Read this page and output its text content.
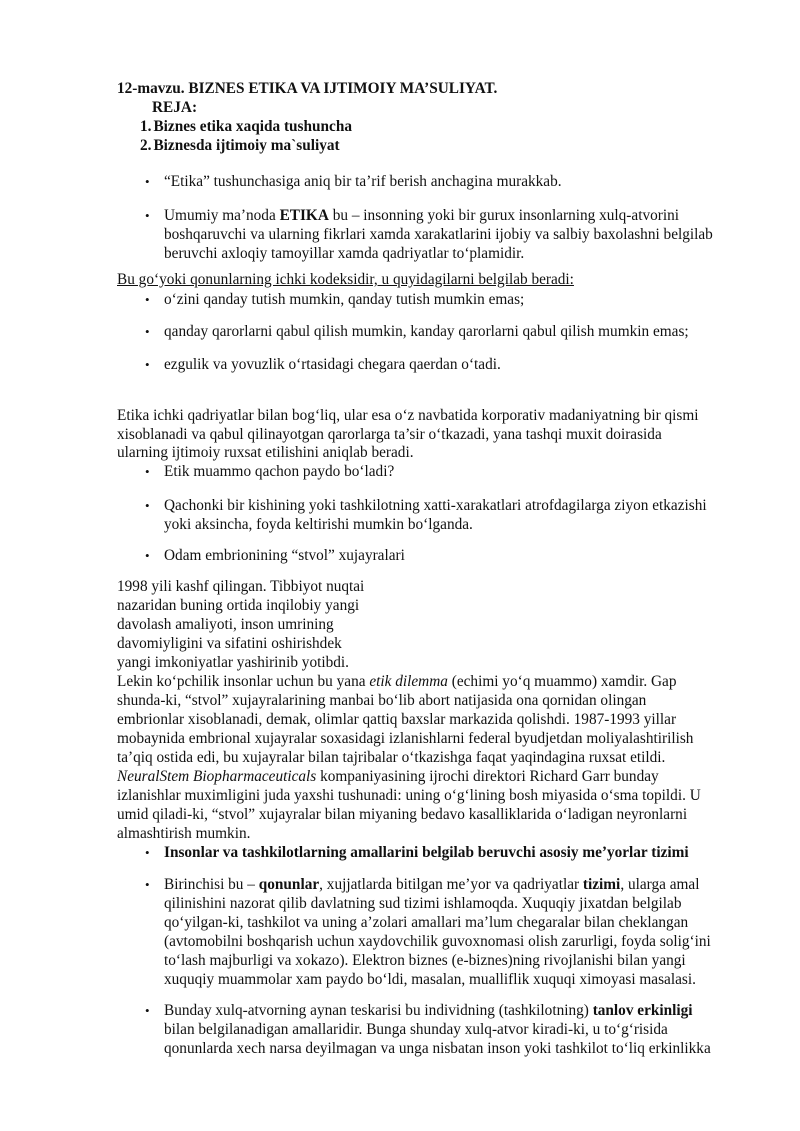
12-mavzu. BIZNES ETIKA VA IJTIMOIY MA’SULIYAT.

REJA:

1. Biznes etika xaqida tushuncha

2. Biznesda ijtimoiy ma`suliyat

• “Etika” tushunchasiga aniq bir ta’rif berish anchagina murakkab.

• Umumiy ma’noda ETIKA bu – insonning yoki bir gurux insonlarning xulq-atvorini

boshqaruvchi va ularning fikrlari xamda xarakatlarini ijobiy va salbiy baxolashni belgilab

beruvchi axloqiy tamoyillar xamda qadriyatlar to‘plamidir.

Bu go‘yoki qonunlarning ichki kodeksidir, u quyidagilarni belgilab beradi:

• o‘zini qanday tutish mumkin, qanday tutish mumkin emas;

• qanday qarorlarni qabul qilish mumkin, kanday qarorlarni qabul qilish mumkin emas;

• ezgulik va yovuzlik o‘rtasidagi chegara qaerdan o‘tadi.

Etika ichki qadriyatlar bilan bog‘liq, ular esa o‘z navbatida korporativ madaniyatning bir qismi

xisoblanadi va qabul qilinayotgan qarorlarga ta’sir o‘tkazadi, yana tashqi muxit doirasida

ularning ijtimoiy ruxsat etilishini aniqlab beradi.

• Etik muammo qachon paydo bo‘ladi?

• Qachonki bir kishining yoki tashkilotning xatti-xarakatlari atrofdagilarga ziyon etkazishi

yoki aksincha, foyda keltirishi mumkin bo‘lganda.

• Odam embrionining “stvol” xujayralari

1998 yili kashf qilingan. Tibbiyot nuqtai

nazaridan buning ortida inqilobiy yangi

davolash amaliyoti, inson umrining

davomiyligini va sifatini oshirishdek

yangi imkoniyatlar yashirinib yotibdi.

Lekin ko‘pchilik insonlar uchun bu yana etik dilemma (echimi yo‘q muammo) xamdir. Gap

shunda-ki, “stvol” xujayralarining manbai bo‘lib abort natijasida ona qornidan olingan

embrionlar xisoblanadi, demak, olimlar qattiq baxslar markazida qolishdi. 1987-1993 yillar

mobaynida embrional xujayralar soxasidagi izlanishlarni federal byudjetdan moliyalashtirilish

ta’qiq ostida edi, bu xujayralar bilan tajribalar o‘tkazishga faqat yaqindagina ruxsat etildi.

NeuralStem Biopharmaceuticals kompaniyasining ijrochi direktori Richard Garr bunday

izlanishlar muximligini juda yaxshi tushunadi: uning o‘g‘lining bosh miyasida o‘sma topildi. U

umid qiladi-ki, “stvol” xujayralar bilan miyaning bedavo kasalliklarida o‘ladigan neyronlarni

almashtirish mumkin.

• Insonlar va tashkilotlarning amallarini belgilab beruvchi asosiy me’yorlar tizimi

• Birinchisi bu – qonunlar, xujjatlarda bitilgan me’yor va qadriyatlar tizimi, ularga amal

qilinishini nazorat qilib davlatning sud tizimi ishlamoqda. Xuquqiy jixatdan belgilab

qo‘yilgan-ki, tashkilot va uning a’zolari amallari ma’lum chegaralar bilan cheklangan

(avtomobilni boshqarish uchun xaydovchilik guvoxnomasi olish zarurligi, foyda solig‘ini

to‘lash majburligi va xokazo). Elektron biznes (e-biznes)ning rivojlanishi bilan yangi

xuquqiy muammolar xam paydo bo‘ldi, masalan, mualliflik xuquqi ximoyasi masalasi.

• Bunday xulq-atvorning aynan teskarisi bu individning (tashkilotning) tanlov erkinligi

bilan belgilanadigan amallaridir. Bunga shunday xulq-atvor kiradi-ki, u to‘g‘risida

qonunlarda xech narsa deyilmagan va unga nisbatan inson yoki tashkilot to‘liq erkinlikka
